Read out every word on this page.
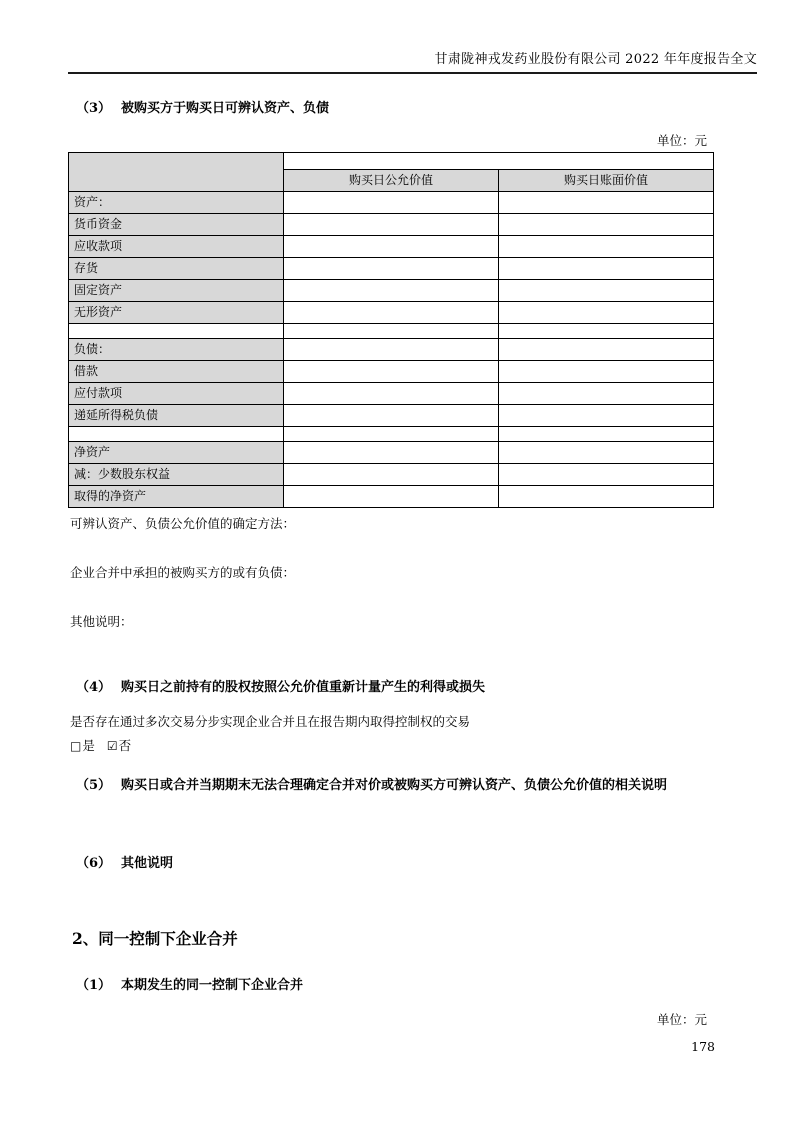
甘肃陇神戎发药业股份有限公司 2022 年年度报告全文
（3） 被购买方于购买日可辨认资产、负债
单位：元

	购买日公允价值	购买日账面价值
资产：		
货币资金		
应收款项		
存货		
固定资产		
无形资产		

负债：		
借款		
应付款项		
递延所得税负债		

净资产		
减：少数股东权益		
取得的净资产		
可辨认资产、负债公允价值的确定方法：
企业合并中承担的被购买方的或有负债：
其他说明：
（4） 购买日之前持有的股权按照公允价值重新计量产生的利得或损失
是否存在通过多次交易分步实现企业合并且在报告期内取得控制权的交易
□是 ☑否
（5） 购买日或合并当期期末无法合理确定合并对价或被购买方可辨认资产、负债公允价值的相关说明
（6） 其他说明
2、同一控制下企业合并
（1） 本期发生的同一控制下企业合并
单位：元
178
